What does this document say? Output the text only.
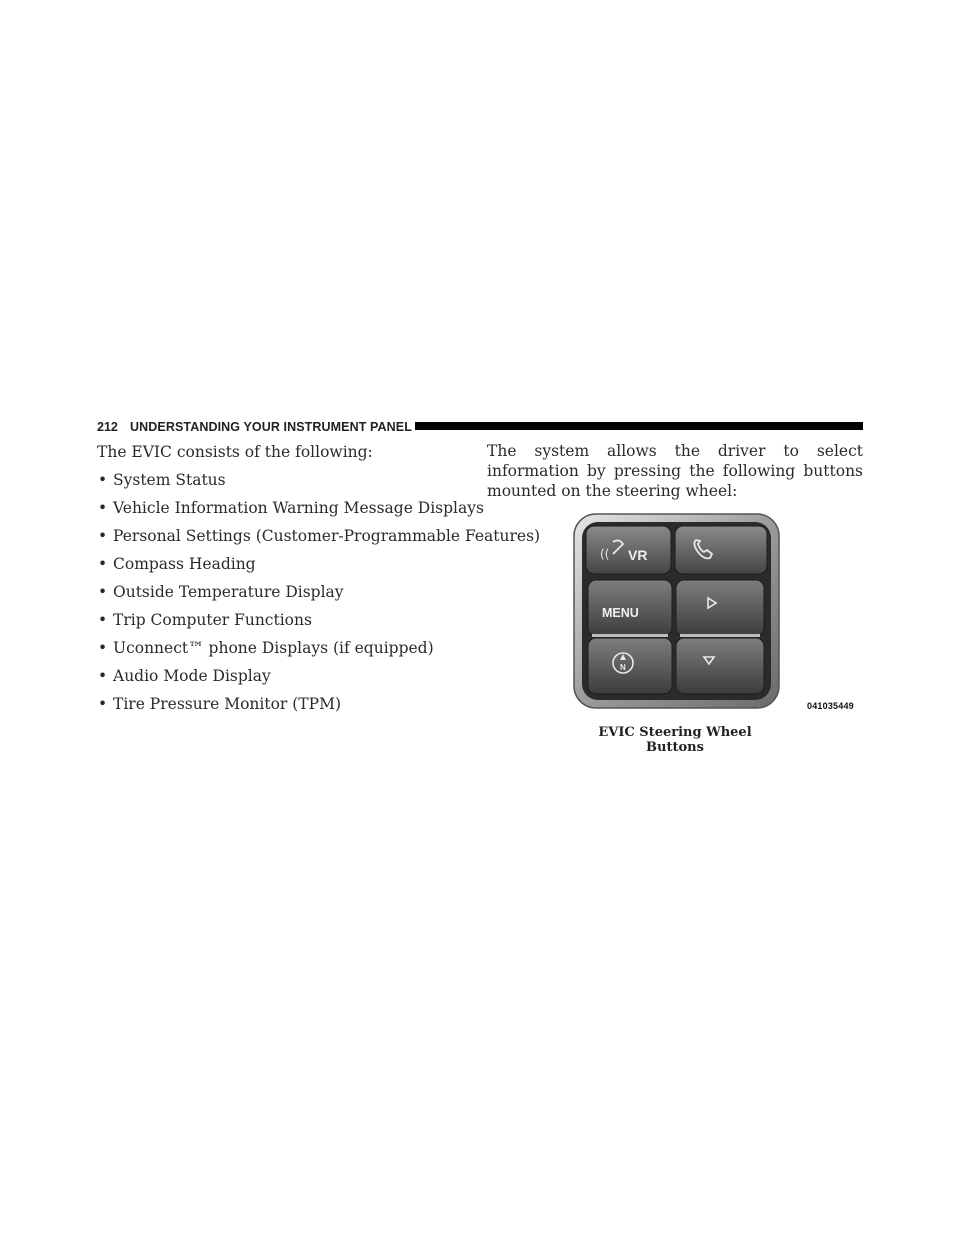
212 UNDERSTANDING YOUR INSTRUMENT PANEL

The EVIC consists of the following:

• System Status
• Vehicle Information Warning Message Displays
• Personal Settings (Customer-Programmable Features)
• Compass Heading
• Outside Temperature Display
• Trip Computer Functions
• Uconnect™ phone Displays (if equipped)
• Audio Mode Display
• Tire Pressure Monitor (TPM)

The system allows the driver to select information by pressing the following buttons mounted on the steering wheel:

(( VR
MENU
N
041035449
EVIC Steering Wheel Buttons
